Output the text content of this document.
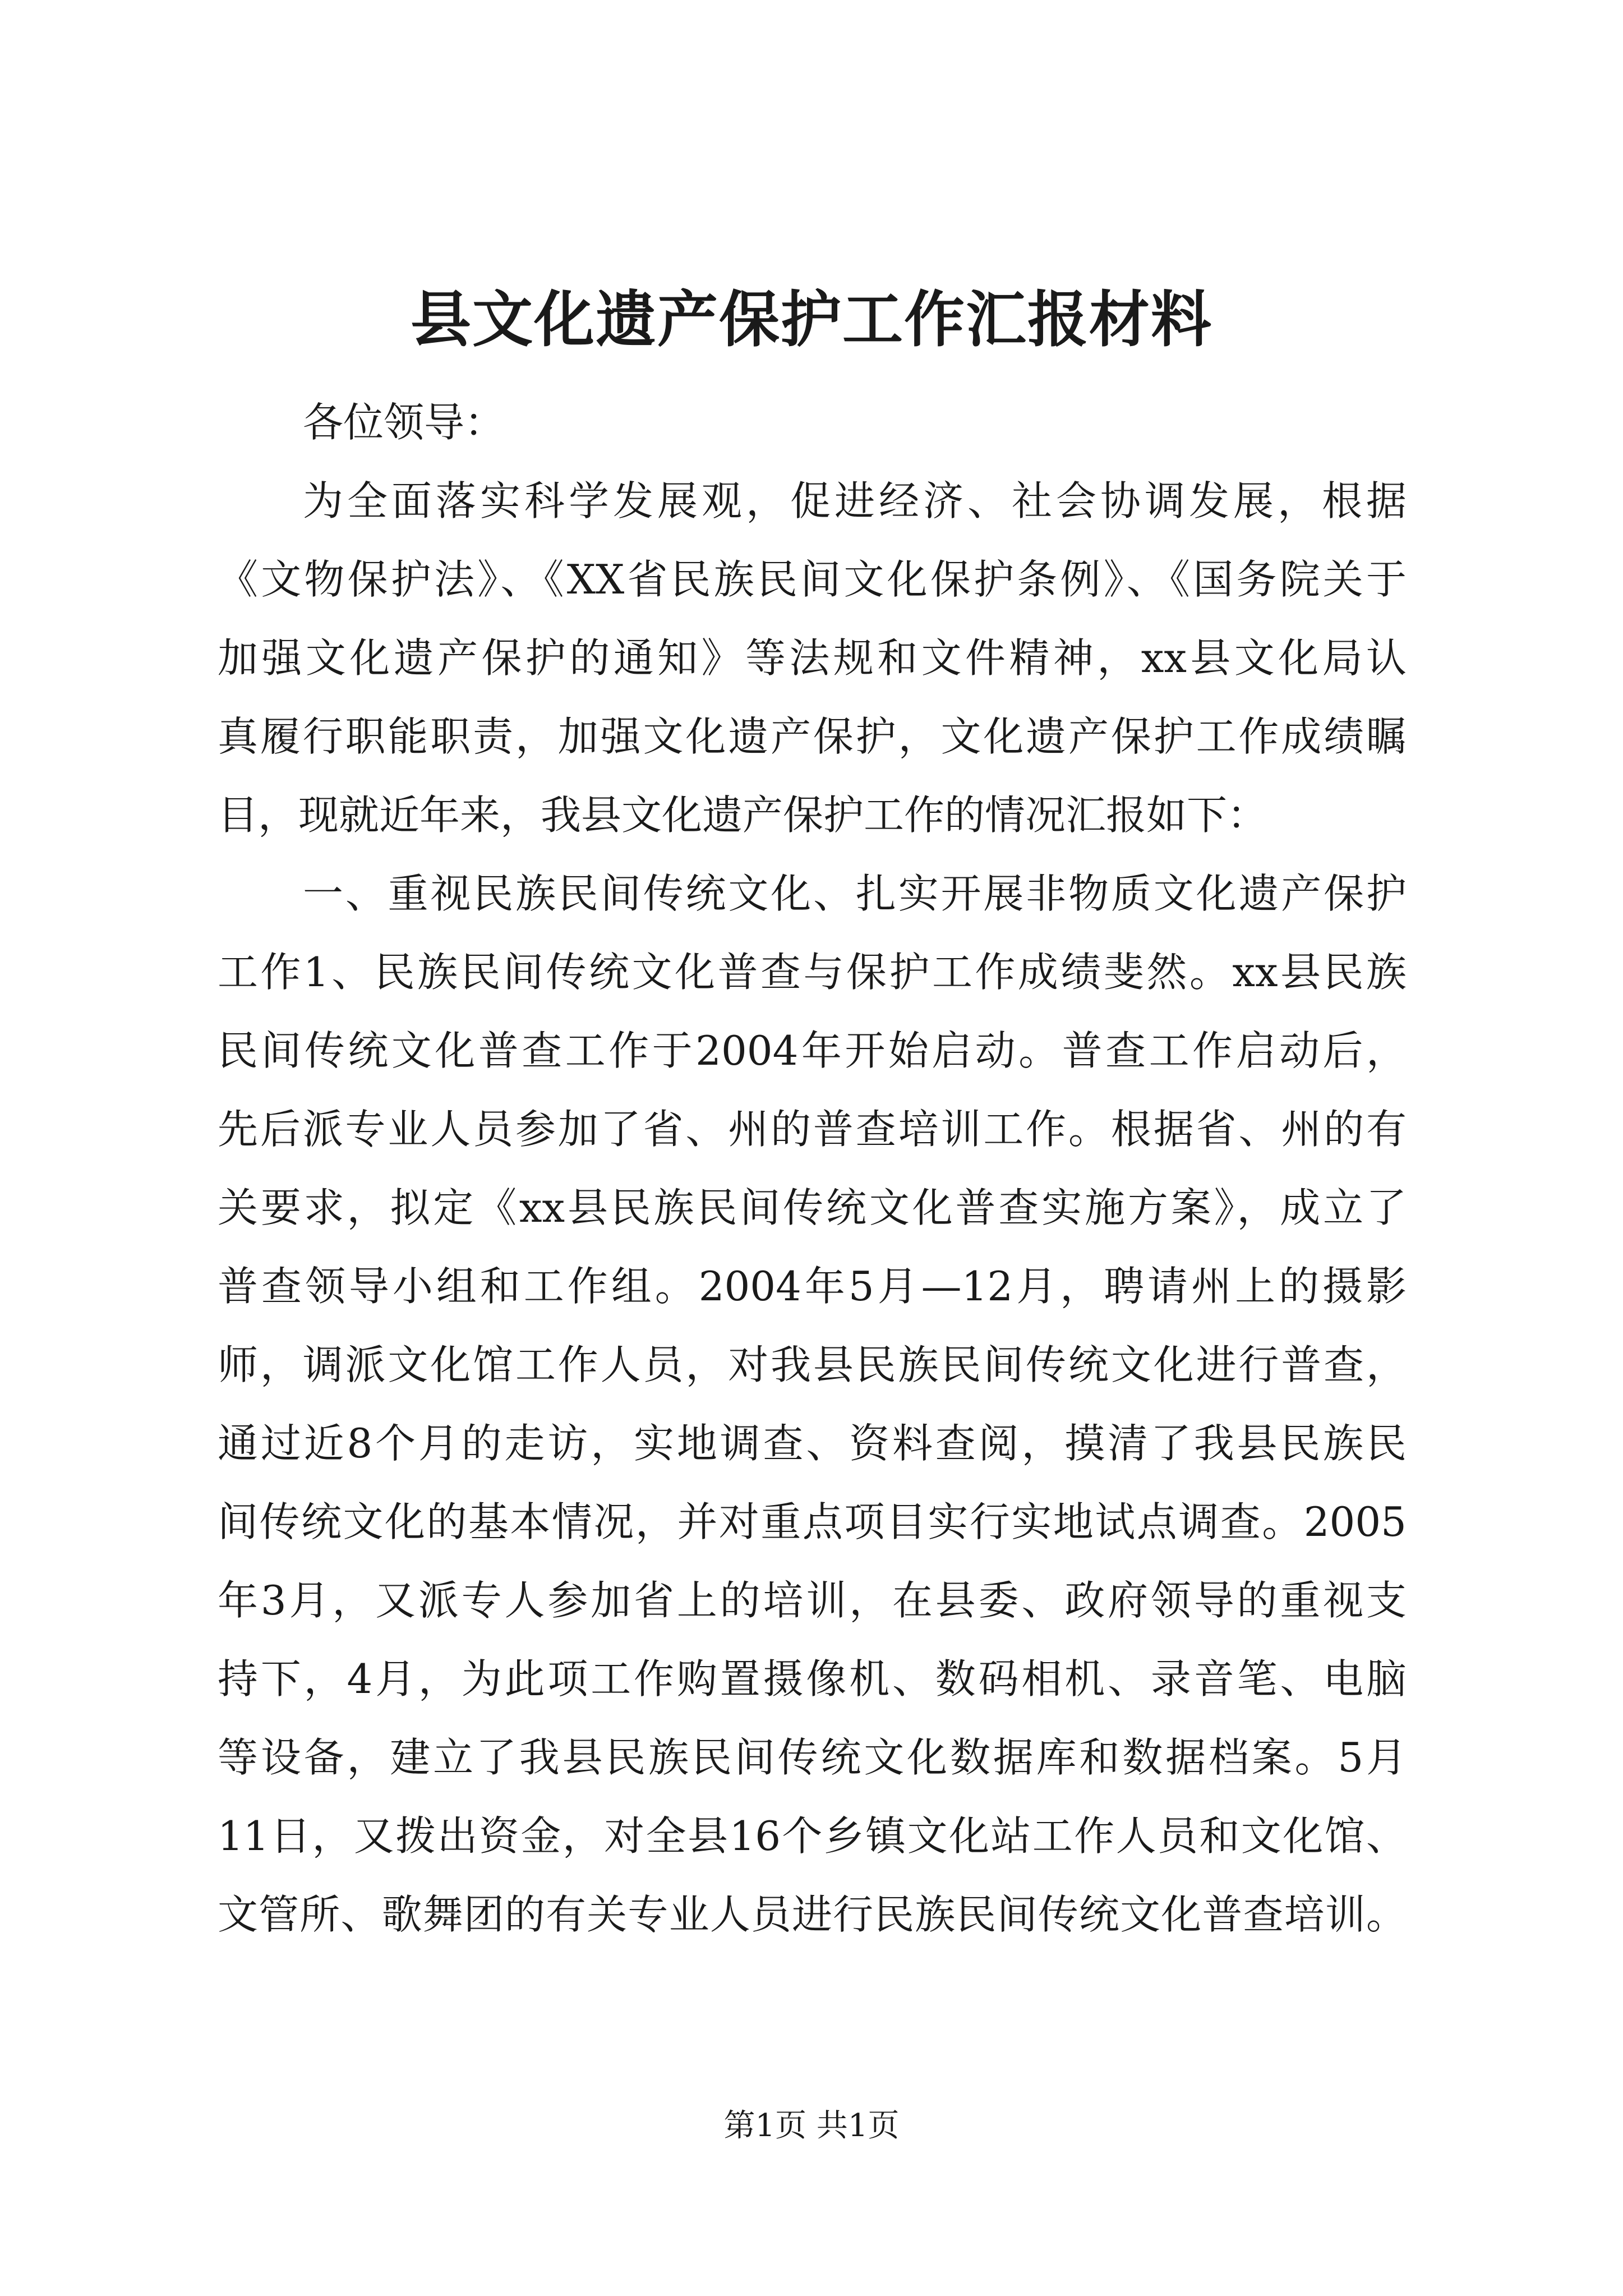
县文化遗产保护工作汇报材料

各位领导：

为全面落实科学发展观，促进经济、社会协调发展，根据

《文物保护法》、《XX省民族民间文化保护条例》、《国务院关于

加强文化遗产保护的通知》等法规和文件精神，xx县文化局认

真履行职能职责，加强文化遗产保护，文化遗产保护工作成绩瞩

目，现就近年来，我县文化遗产保护工作的情况汇报如下：

一、重视民族民间传统文化、扎实开展非物质文化遗产保护

工作1、民族民间传统文化普查与保护工作成绩斐然。xx县民族

民间传统文化普查工作于2004年开始启动。普查工作启动后，

先后派专业人员参加了省、州的普查培训工作。根据省、州的有

关要求，拟定《xx县民族民间传统文化普查实施方案》，成立了

普查领导小组和工作组。2004年5月—12月，聘请州上的摄影

师，调派文化馆工作人员，对我县民族民间传统文化进行普查，

通过近8个月的走访，实地调查、资料查阅，摸清了我县民族民

间传统文化的基本情况，并对重点项目实行实地试点调查。2005

年3月，又派专人参加省上的培训，在县委、政府领导的重视支

持下，4月，为此项工作购置摄像机、数码相机、录音笔、电脑

等设备，建立了我县民族民间传统文化数据库和数据档案。5月

11日，又拨出资金，对全县16个乡镇文化站工作人员和文化馆、

文管所、歌舞团的有关专业人员进行民族民间传统文化普查培训。

第1页 共1页
